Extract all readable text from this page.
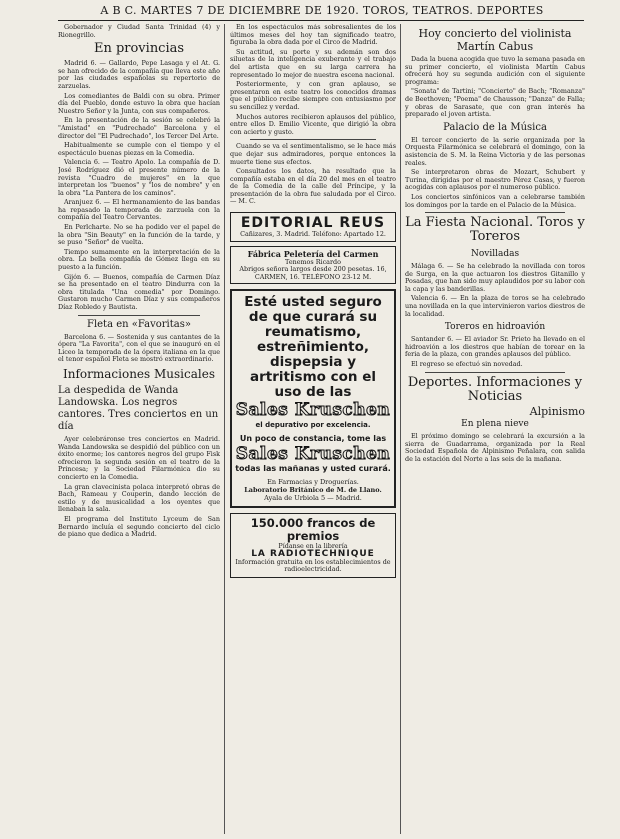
A B C. MARTES 7 DE DICIEMBRE DE 1920. TOROS, TEATROS. DEPORTES

Gobernador y Ciudad Santa Trinidad (4) y Rionegrillo.

En provincias

Madrid 6. — Gallardo, Pepe Lasaga y el At. G. se han ofrecido de la compañía que lleva este año por las ciudades españolas su repertorio de zarzuelas.

Los comediantes de Baldi con su obra. Primer día del Pueblo, donde estuvo la obra que hacían Nuestro Señor y la Junta, con sus compañeros.

En la presentación de la sesión se celebró la "Amistad" en "Pudrechado" Barcelona y el director del "El Pudrechado", los Tercer Del Arte.

Habitualmente se cumple con el tiempo y el espectáculo buenas piezas en la Comedia.

Valencia 6. — Teatro Apolo. La compañía de D. José Rodríguez dió el presente número de la revista "Cuadro de mujeres" en la que interpretan los "buenos" y "los de nombre" y en la obra "La Pantera de los caminos".

Aranjuez 6. — El hermanamiento de las bandas ha repasado la temporada de zarzuela con la compañía del Teatro Cervantes.

En Perlcharte. No se ha podido ver el papel de la obra "Sin Beauty" en la función de la tarde, y se puso "Señor" de vuelta.

Tiempo sumamente en la interpretación de la obra. La bella compañía de Gómez llega en su puesto a la función.

Gijón 6. — Buenos, compañía de Carmen Díaz se ha presentado en el teatro Dindurra con la obra titulada "Una comedia" por Domingo. Gustaron mucho Carmen Díaz y sus compañeros Díaz Robledo y Bautista.

Fleta en «Favoritas»

Barcelona 6. — Sostenida y sus cantantes de la ópera "La Favorita", con el que se inauguró en el Liceo la temporada de la ópera italiana en la que el tenor español Fleta se mostró extraordinario.

Informaciones Musicales
La despedida de Wanda Landowska. Los negros cantores. Tres conciertos en un día

Ayer celebráronse tres conciertos en Madrid. Wanda Landowska se despidió del público con un éxito enorme; los cantores negros del grupo Fisk ofrecieron la segunda sesión en el teatro de la Princesa; y la Sociedad Filarmónica dio su concierto en la Comedia.

La gran clavecinista polaca interpretó obras de Bach, Rameau y Couperin, dando lección de estilo y de musicalidad a los oyentes que llenaban la sala.

El programa del Instituto Lyceum de San Bernardo incluía el segundo concierto del ciclo de piano que dedica a Madrid.

En los espectáculos más sobresalientes de los últimos meses del hoy tan significado teatro, figuraba la obra dada por el Circo de Madrid.

Su actitud, su porte y su ademán son dos siluetas de la inteligencia exuberante y el trabajo del artista que en su larga carrera ha representado lo mejor de nuestra escena nacional.

Posteriormente, y con gran aplauso, se presentaron en este teatro los conocidos dramas que el público recibe siempre con entusiasmo por su sencillez y verdad.

Muchos autores recibieron aplausos del público, entre ellos D. Emilio Vicente, que dirigió la obra con acierto y gusto.

Cuando se va el sentimentalismo, se le hace más que dejar sus admiradores, porque entonces la muerte tiene sus efectos.

Consultados los datos, ha resultado que la compañía estaba en el día 20 del mes en el teatro de la Comedia de la calle del Príncipe, y la presentación de la obra fue saludada por el Circo. — M. C.

EDITORIAL REUS
Cañizares, 3. Madrid. Teléfono: Apartado 12.
Fábrica Peletería del Carmen
Tenemos Ricardo
Abrigos señora largos desde 200 pesetas. 16, CARMEN, 16. TELÉFONO 23-12 M.
Esté usted seguro de que curará su reumatismo, estreñimiento, dispepsia y artritismo con el uso de las
Sales Kruschen
el depurativo por excelencia.
Un poco de constancia, tome las
Sales Kruschen
todas las mañanas y usted curará.
En Farmacias y Droguerías.
Laboratorio Británico de M. de Llano.
Ayala de Urbiola 5 — Madrid.
150.000 francos de premios
Pídanse en la librería
LA RADIOTECHNIQUE
Información gratuita en los establecimientos de radioelectricidad.
Hoy concierto del violinista Martín Cabus

Dada la buena acogida que tuvo la semana pasada en su primer concierto, el violinista Martín Cabus ofrecerá hoy su segunda audición con el siguiente programa:

"Sonata" de Tartini; "Concierto" de Bach; "Romanza" de Beethoven; "Poema" de Chausson; "Danza" de Falla; y obras de Sarasate, que con gran interés ha preparado el joven artista.

Palacio de la Música

El tercer concierto de la serie organizada por la Orquesta Filarmónica se celebrará el domingo, con la asistencia de S. M. la Reina Victoria y de las personas reales.

Se interpretaron obras de Mozart, Schubert y Turina, dirigidas por el maestro Pérez Casas, y fueron acogidas con aplausos por el numeroso público.

Los conciertos sinfónicos van a celebrarse también los domingos por la tarde en el Palacio de la Música.

La Fiesta Nacional. Toros y Toreros
Novilladas

Málaga 6. — Se ha celebrado la novillada con toros de Surga, en la que actuaron los diestros Gitanillo y Posadas, que han sido muy aplaudidos por su labor con la capa y las banderillas.

Valencia 6. — En la plaza de toros se ha celebrado una novillada en la que intervinieron varios diestros de la localidad.

Toreros en hidroavión

Santander 6. — El aviador Sr. Prieto ha llevado en el hidroavión a los diestros que habían de torear en la feria de la plaza, con grandes aplausos del público.

El regreso se efectuó sin novedad.

Deportes. Informaciones y Noticias
Alpinismo
En plena nieve

El próximo domingo se celebrará la excursión a la sierra de Guadarrama, organizada por la Real Sociedad Española de Alpinismo Peñalara, con salida de la estación del Norte a las seis de la mañana.
